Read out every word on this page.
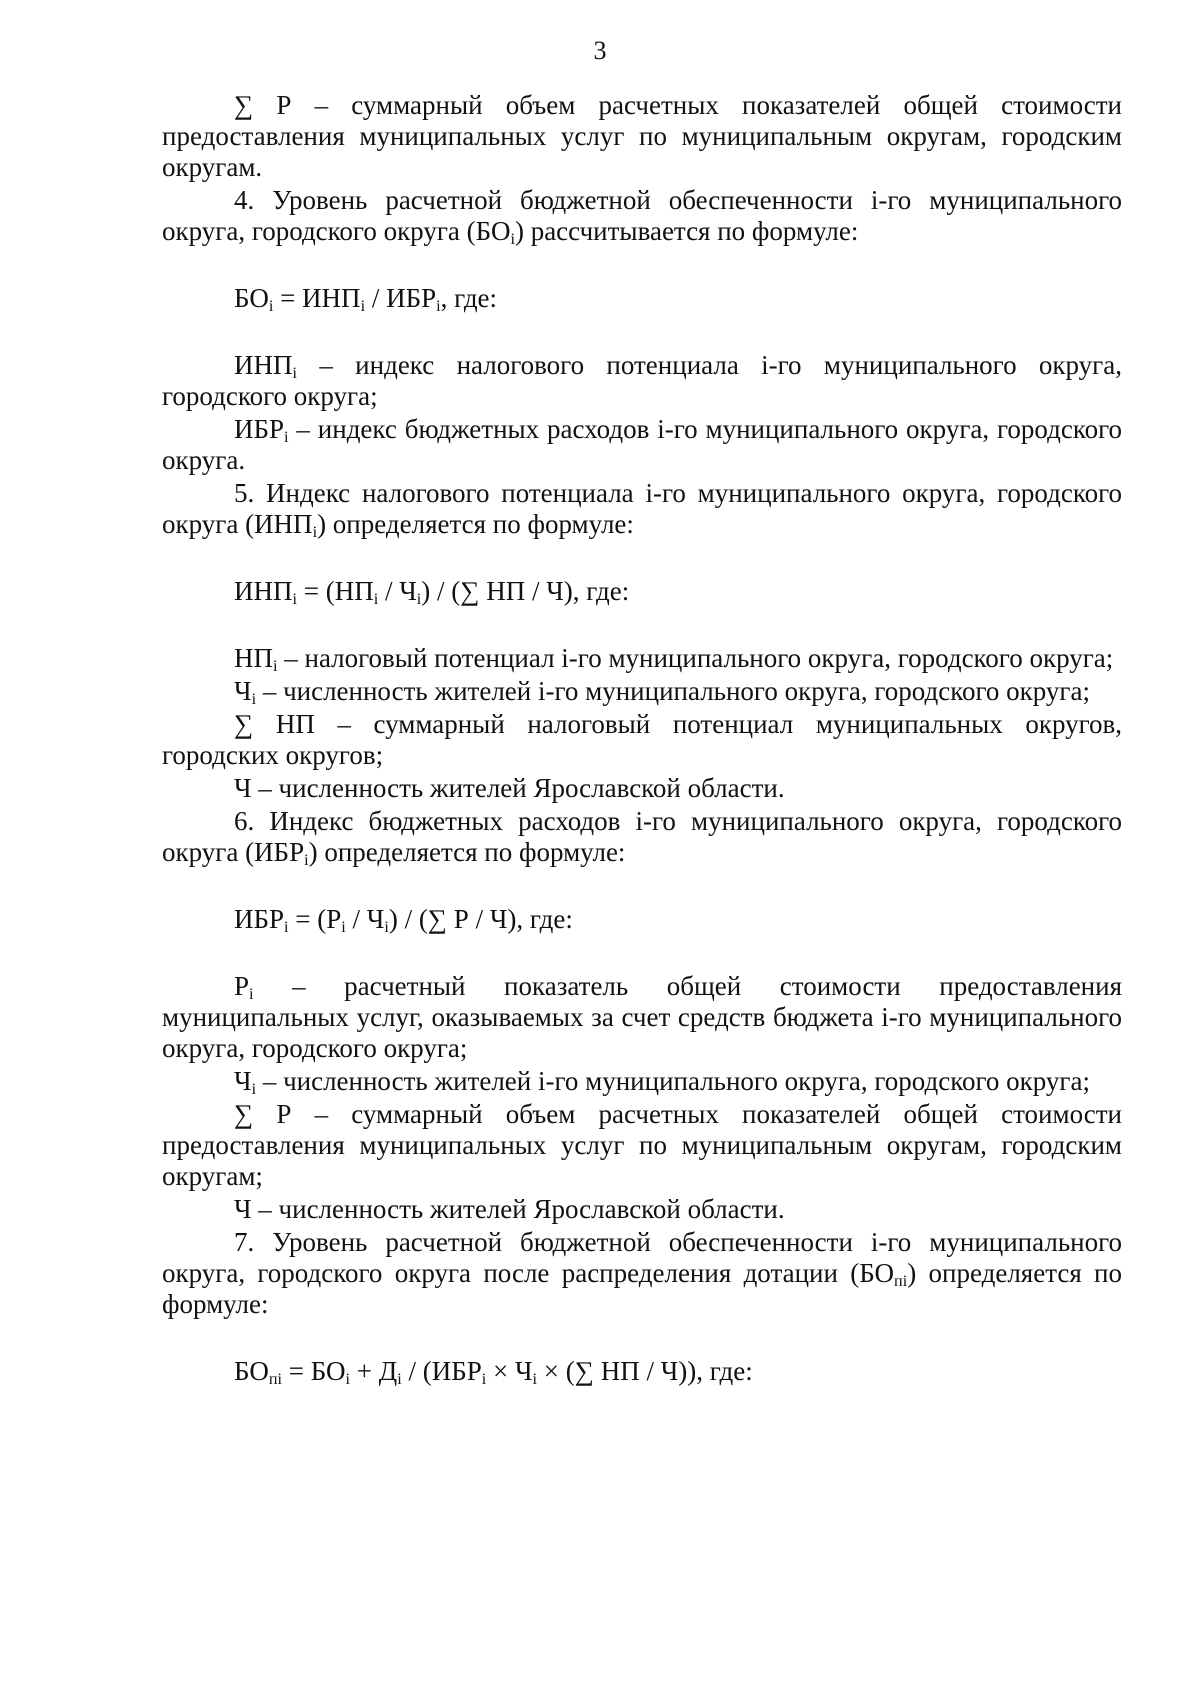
3

∑ Р – суммарный объем расчетных показателей общей стоимости предоставления муниципальных услуг по муниципальным округам, городским округам.

4. Уровень расчетной бюджетной обеспеченности i-го муниципального округа, городского округа $(БО_i)$ рассчитывается по формуле:

$БО_i = ИНП_i / ИБР_i$, где:

$ИНП_i$ – индекс налогового потенциала i-го муниципального округа, городского округа;

$ИБР_i$ – индекс бюджетных расходов i-го муниципального округа, городского округа.

5. Индекс налогового потенциала i-го муниципального округа, городского округа $(ИНП_i)$ определяется по формуле:

$ИНП_i = (НП_i / Ч_i)$ / (∑ НП / Ч), где:

$НП_i$ – налоговый потенциал i-го муниципального округа, городского округа;

$Ч_i$ – численность жителей i-го муниципального округа, городского округа;

∑ НП – суммарный налоговый потенциал муниципальных округов, городских округов;

Ч – численность жителей Ярославской области.

6. Индекс бюджетных расходов i-го муниципального округа, городского округа $(ИБР_i)$ определяется по формуле:

$ИБР_i = (Р_i / Ч_i)$ / (∑ Р / Ч), где:

$Р_i$ – расчетный показатель общей стоимости предоставления муниципальных услуг, оказываемых за счет средств бюджета i-го муниципального округа, городского округа;

$Ч_i$ – численность жителей i-го муниципального округа, городского округа;

∑ Р – суммарный объем расчетных показателей общей стоимости предоставления муниципальных услуг по муниципальным округам, городским округам;

Ч – численность жителей Ярославской области.

7. Уровень расчетной бюджетной обеспеченности i-го муниципального округа, городского округа после распределения дотации $(БО_{пi})$ определяется по формуле:

$БО_{пi} = БО_i + Д_i / (ИБР_i \times Ч_i$ × (∑ НП / Ч)), где:
